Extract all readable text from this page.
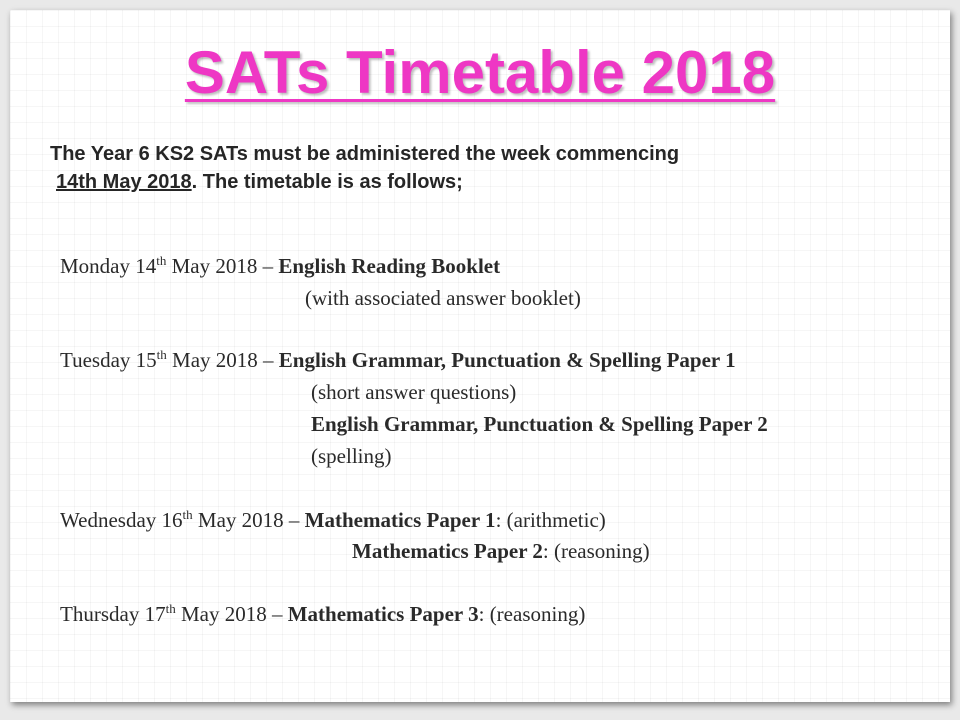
SATs Timetable 2018
The Year 6 KS2 SATs must be administered the week commencing
14th May 2018. The timetable is as follows;
Monday 14th May 2018 – English Reading Booklet
(with associated answer booklet)
Tuesday 15th May 2018 – English Grammar, Punctuation & Spelling Paper 1
(short answer questions)
English Grammar, Punctuation & Spelling Paper 2
(spelling)
Wednesday 16th May 2018 – Mathematics Paper 1: (arithmetic)
Mathematics Paper 2: (reasoning)
Thursday 17th May 2018 – Mathematics Paper 3: (reasoning)
